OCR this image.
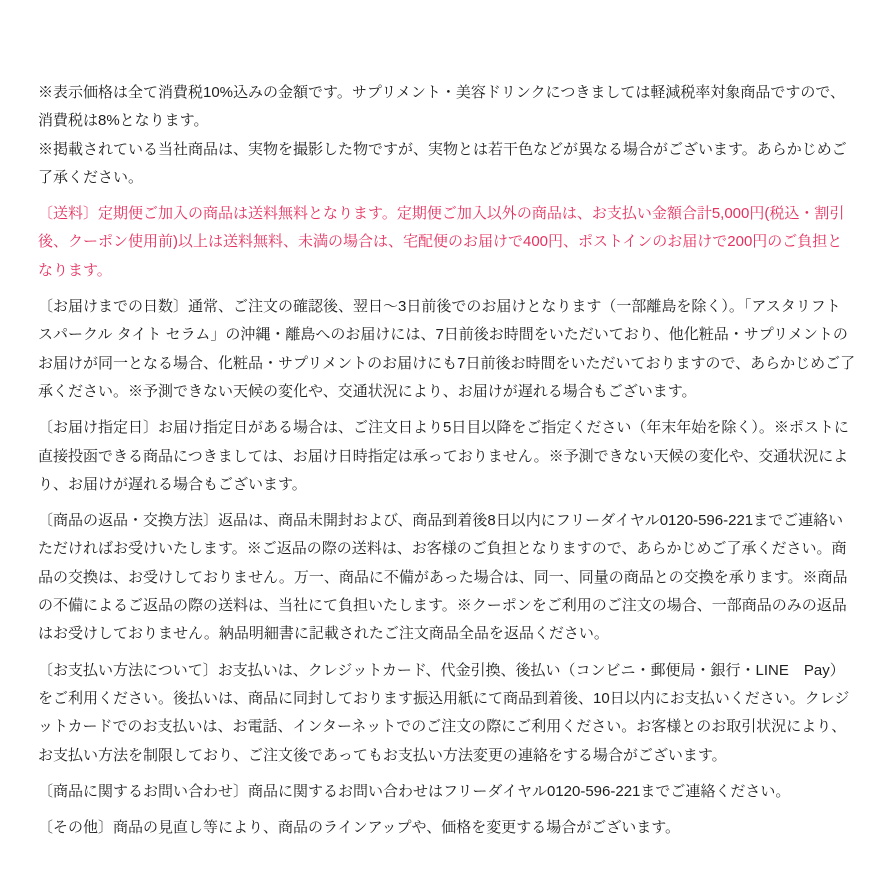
※表示価格は全て消費税10%込みの金額です。サプリメント・美容ドリンクにつきましては軽減税率対象商品ですので、消費税は8%となります。

※掲載されている当社商品は、実物を撮影した物ですが、実物とは若干色などが異なる場合がございます。あらかじめご了承ください。

〔送料〕定期便ご加入の商品は送料無料となります。定期便ご加入以外の商品は、お支払い金額合計5,000円(税込・割引後、クーポン使用前)以上は送料無料、未満の場合は、宅配便のお届けで400円、ポストインのお届けで200円のご負担となります。

〔お届けまでの日数〕通常、ご注文の確認後、翌日〜3日前後でのお届けとなります（一部離島を除く）。「アスタリフト スパークル タイト セラム」の沖縄・離島へのお届けには、7日前後お時間をいただいており、他化粧品・サプリメントのお届けが同一となる場合、化粧品・サプリメントのお届けにも7日前後お時間をいただいておりますので、あらかじめご了承ください。※予測できない天候の変化や、交通状況により、お届けが遅れる場合もございます。

〔お届け指定日〕お届け指定日がある場合は、ご注文日より5日目以降をご指定ください（年末年始を除く）。※ポストに直接投函できる商品につきましては、お届け日時指定は承っておりません。※予測できない天候の変化や、交通状況により、お届けが遅れる場合もございます。

〔商品の返品・交換方法〕返品は、商品未開封および、商品到着後8日以内にフリーダイヤル0120-596-221までご連絡いただければお受けいたします。※ご返品の際の送料は、お客様のご負担となりますので、あらかじめご了承ください。商品の交換は、お受けしておりません。万一、商品に不備があった場合は、同一、同量の商品との交換を承ります。※商品の不備によるご返品の際の送料は、当社にて負担いたします。※クーポンをご利用のご注文の場合、一部商品のみの返品はお受けしておりません。納品明細書に記載されたご注文商品全品を返品ください。

〔お支払い方法について〕お支払いは、クレジットカード、代金引換、後払い（コンビニ・郵便局・銀行・LINE　Pay）をご利用ください。後払いは、商品に同封しております振込用紙にて商品到着後、10日以内にお支払いください。クレジットカードでのお支払いは、お電話、インターネットでのご注文の際にご利用ください。お客様とのお取引状況により、お支払い方法を制限しており、ご注文後であってもお支払い方法変更の連絡をする場合がございます。

〔商品に関するお問い合わせ〕商品に関するお問い合わせはフリーダイヤル0120-596-221までご連絡ください。

〔その他〕商品の見直し等により、商品のラインアップや、価格を変更する場合がございます。
